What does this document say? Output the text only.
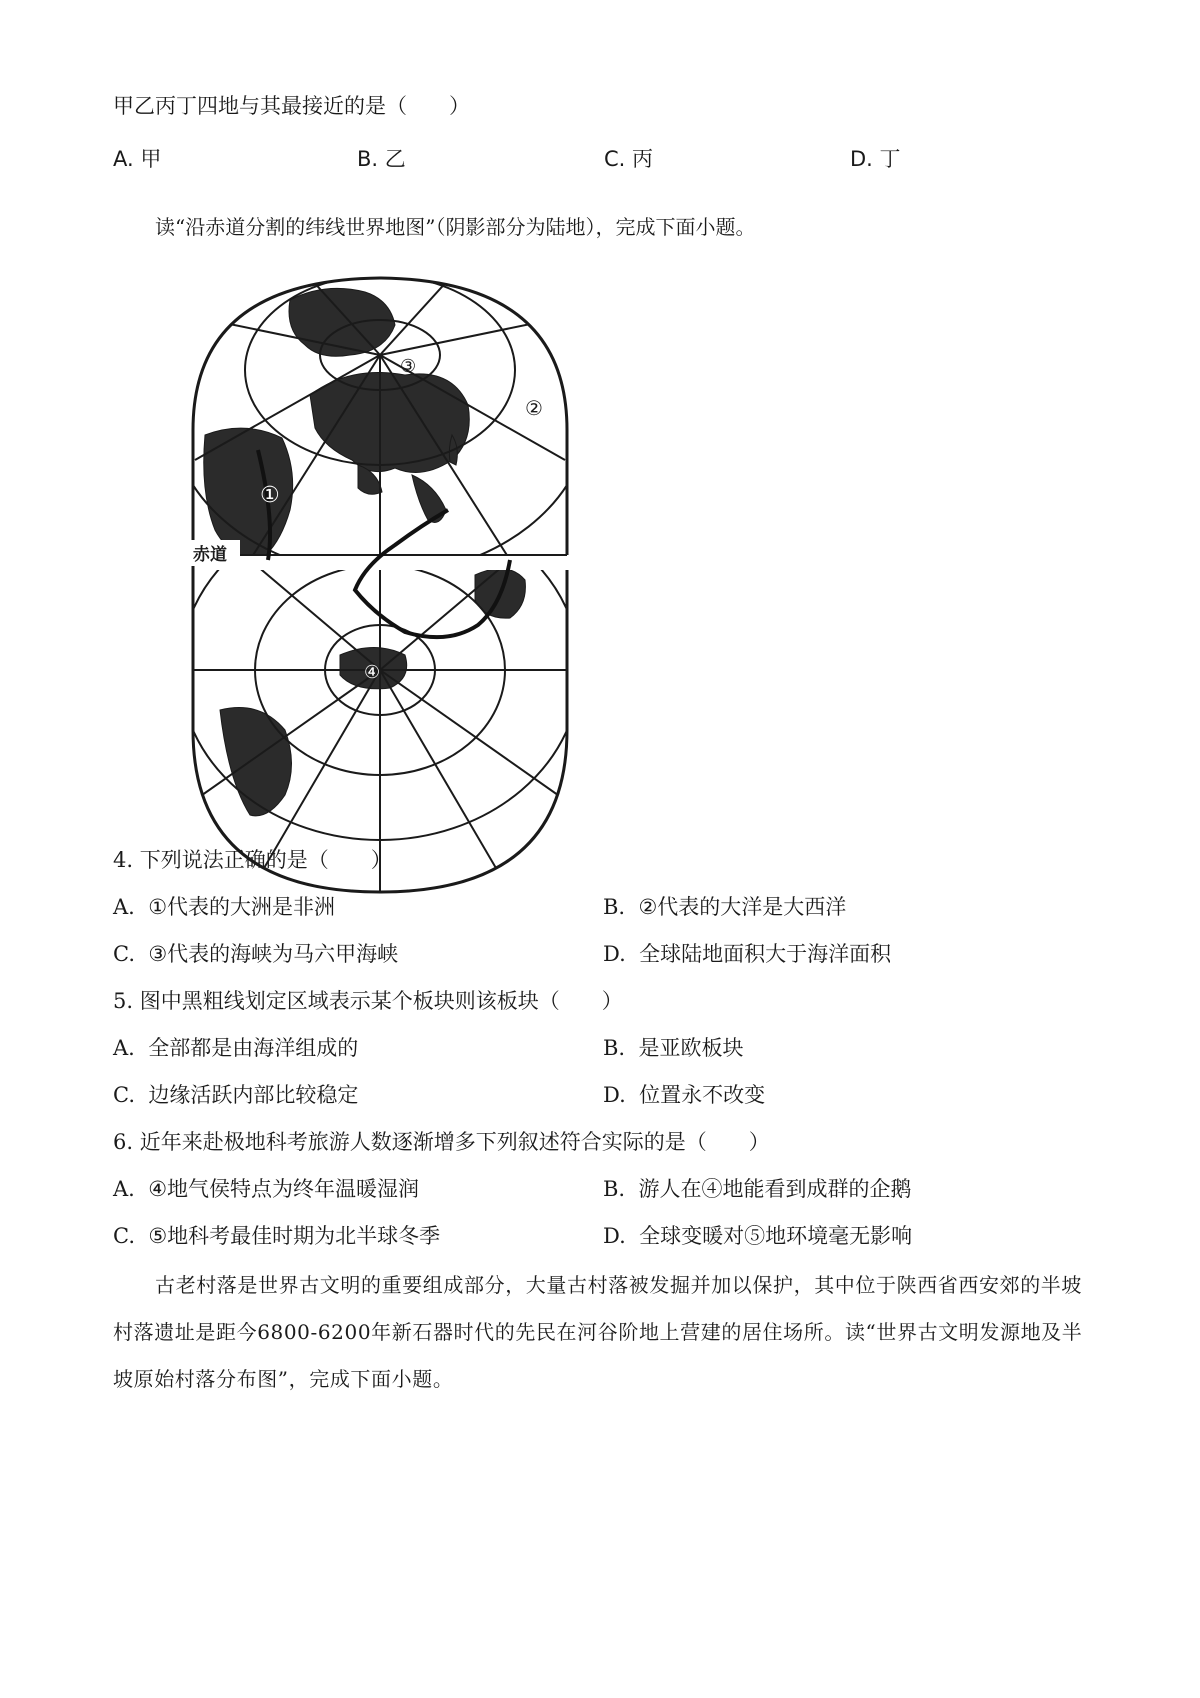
甲乙丙丁四地与其最接近的是（　　）
A. 甲	B. 乙	C. 丙	D. 丁
读“沿赤道分割的纬线世界地图”（阴影部分为陆地），完成下面小题。
赤道
①
②
③
④
4. 下列说法正确的是（　　）
A. ①代表的大洲是非洲	B. ②代表的大洋是大西洋
C. ③代表的海峡为马六甲海峡	D. 全球陆地面积大于海洋面积
5. 图中黑粗线划定区域表示某个板块则该板块（　　）
A. 全部都是由海洋组成的	B. 是亚欧板块
C. 边缘活跃内部比较稳定	D. 位置永不改变
6. 近年来赴极地科考旅游人数逐渐增多下列叙述符合实际的是（　　）
A. ④地气侯特点为终年温暖湿润	B. 游人在④地能看到成群的企鹅
C. ⑤地科考最佳时期为北半球冬季	D. 全球变暖对⑤地环境毫无影响
古老村落是世界古文明的重要组成部分，大量古村落被发掘并加以保护，其中位于陕西省西安郊的半坡村落遗址是距今6800-6200年新石器时代的先民在河谷阶地上营建的居住场所。读“世界古文明发源地及半坡原始村落分布图”，完成下面小题。
